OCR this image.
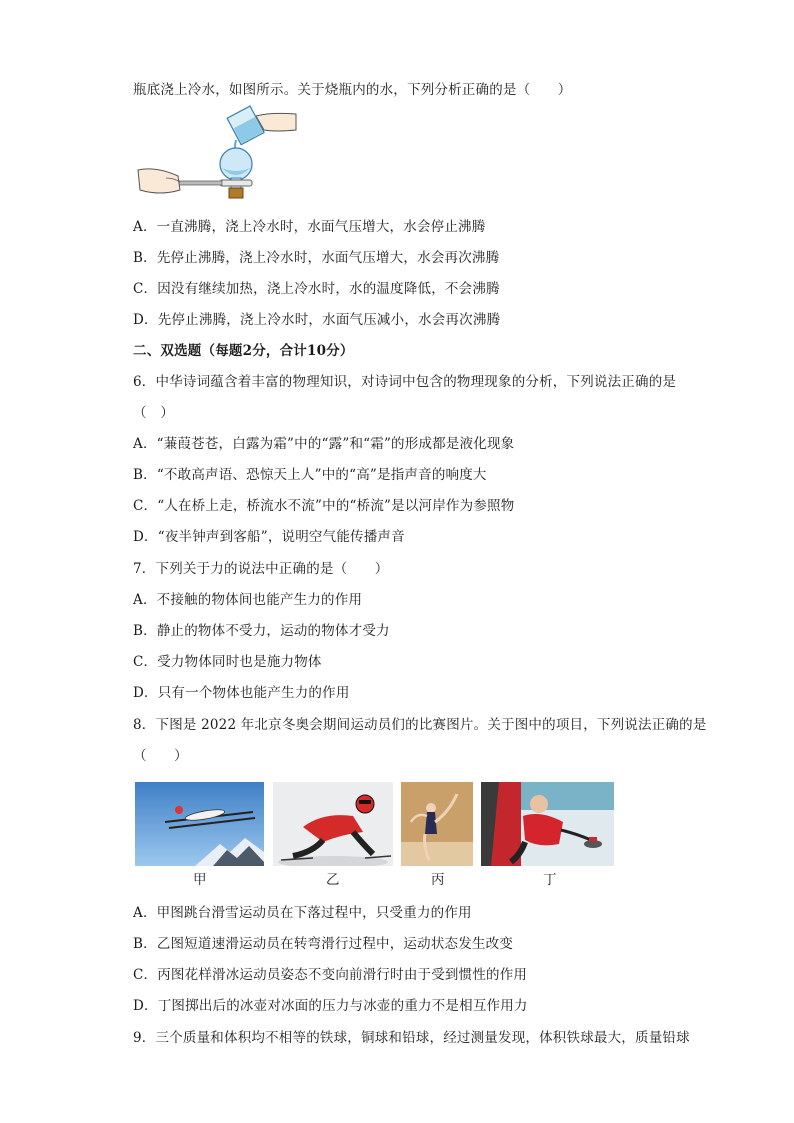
瓶底浇上冷水，如图所示。关于烧瓶内的水，下列分析正确的是（　　）
A．一直沸腾，浇上冷水时，水面气压增大，水会停止沸腾
B．先停止沸腾，浇上冷水时，水面气压增大，水会再次沸腾
C．因没有继续加热，浇上冷水时，水的温度降低，不会沸腾
D．先停止沸腾，浇上冷水时，水面气压减小，水会再次沸腾
二、双选题（每题2分，合计10分）
6．中华诗词蕴含着丰富的物理知识，对诗词中包含的物理现象的分析，下列说法正确的是
（　）
A．“蒹葭苍苍，白露为霜”中的“露”和“霜”的形成都是液化现象
B．“不敢高声语、恐惊天上人”中的“高”是指声音的响度大
C．“人在桥上走，桥流水不流”中的“桥流”是以河岸作为参照物
D．“夜半钟声到客船”，说明空气能传播声音
7．下列关于力的说法中正确的是（　　）
A．不接触的物体间也能产生力的作用
B．静止的物体不受力，运动的物体才受力
C．受力物体同时也是施力物体
D．只有一个物体也能产生力的作用
8．下图是 2022 年北京冬奥会期间运动员们的比赛图片。关于图中的项目，下列说法正确的是
（　　）
甲	乙	丙	丁
A．甲图跳台滑雪运动员在下落过程中，只受重力的作用
B．乙图短道速滑运动员在转弯滑行过程中，运动状态发生改变
C．丙图花样滑冰运动员姿态不变向前滑行时由于受到惯性的作用
D．丁图掷出后的冰壶对冰面的压力与冰壶的重力不是相互作用力
9．三个质量和体积均不相等的铁球，铜球和铅球，经过测量发现，体积铁球最大，质量铅球
